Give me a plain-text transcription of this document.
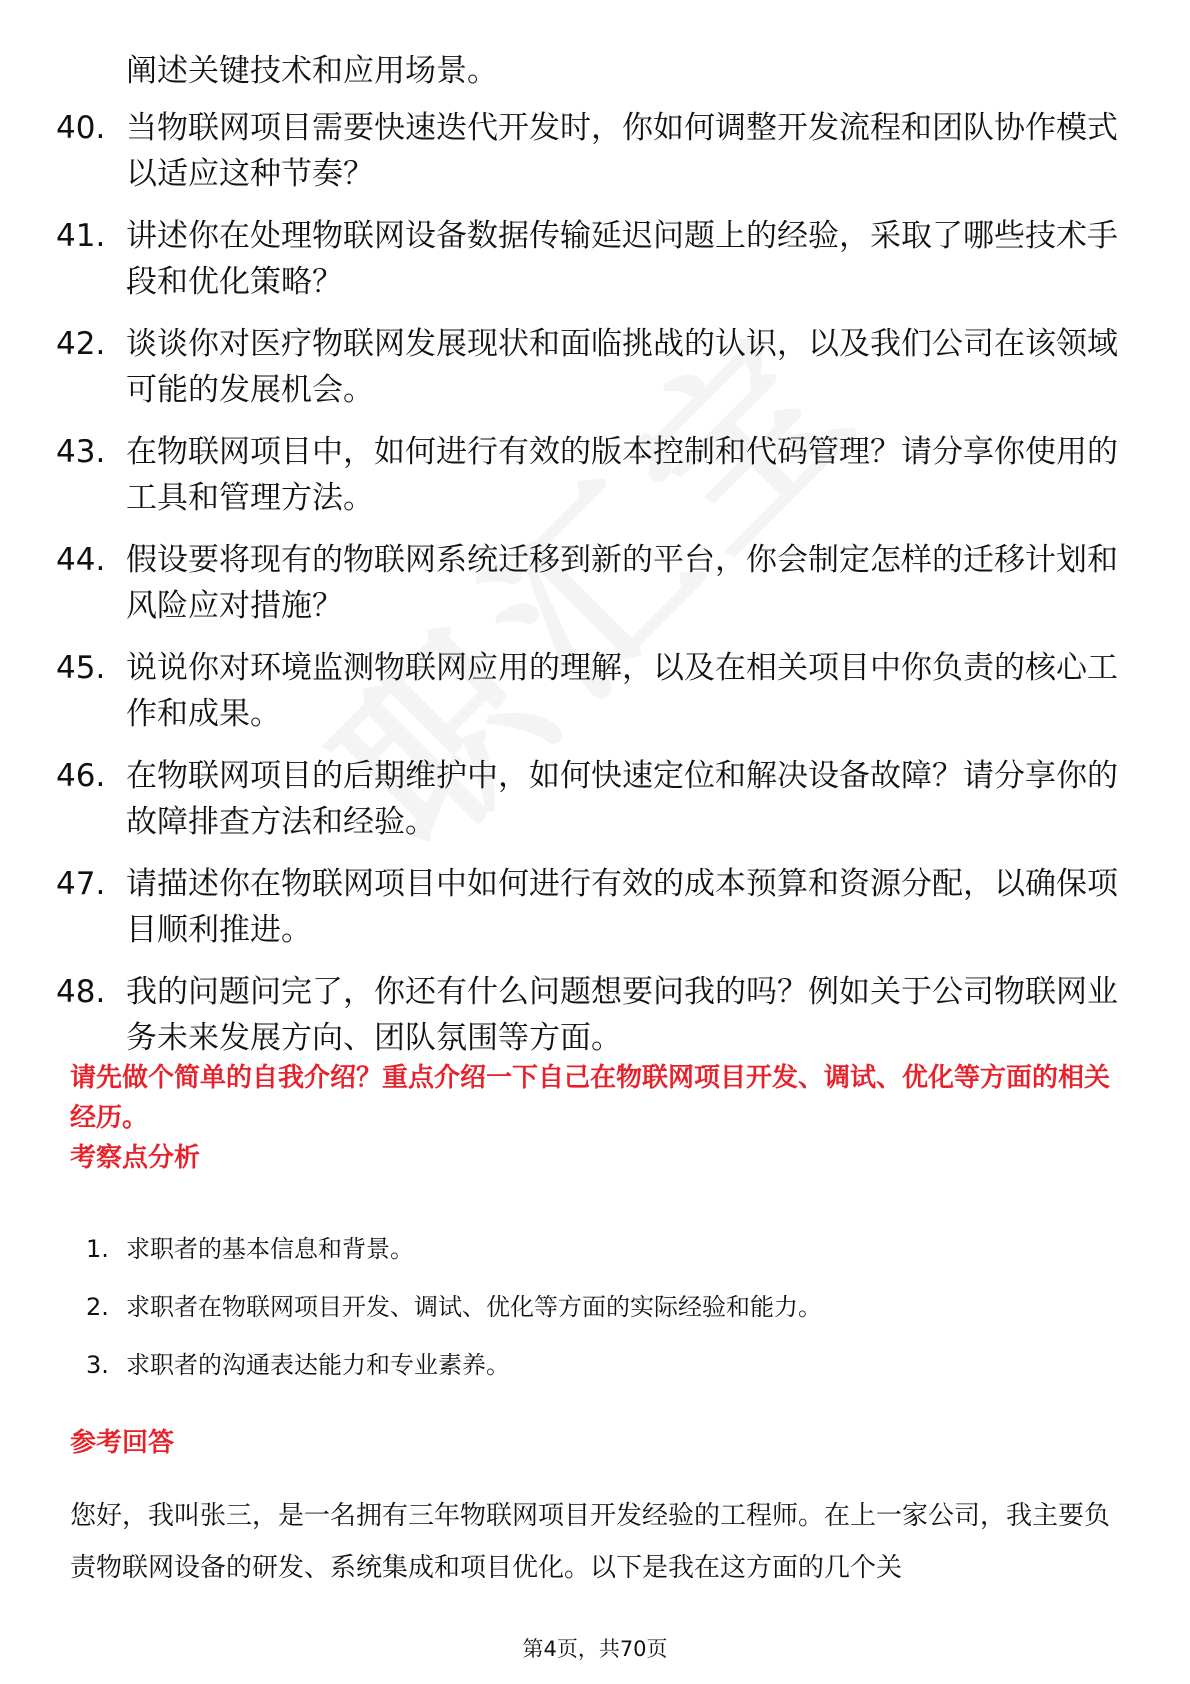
阐述关键技术和应用场景。

40. 当物联网项目需要快速迭代开发时，你如何调整开发流程和团队协作模式以适应这种节奏？
41. 讲述你在处理物联网设备数据传输延迟问题上的经验，采取了哪些技术手段和优化策略？
42. 谈谈你对医疗物联网发展现状和面临挑战的认识，以及我们公司在该领域可能的发展机会。
43. 在物联网项目中，如何进行有效的版本控制和代码管理？请分享你使用的工具和管理方法。
44. 假设要将现有的物联网系统迁移到新的平台，你会制定怎样的迁移计划和风险应对措施？
45. 说说你对环境监测物联网应用的理解，以及在相关项目中你负责的核心工作和成果。
46. 在物联网项目的后期维护中，如何快速定位和解决设备故障？请分享你的故障排查方法和经验。
47. 请描述你在物联网项目中如何进行有效的成本预算和资源分配，以确保项目顺利推进。
48. 我的问题问完了，你还有什么问题想要问我的吗？例如关于公司物联网业务未来发展方向、团队氛围等方面。

请先做个简单的自我介绍？重点介绍一下自己在物联网项目开发、调试、优化等方面的相关经历。

考察点分析
1. 求职者的基本信息和背景。
2. 求职者在物联网项目开发、调试、优化等方面的实际经验和能力。
3. 求职者的沟通表达能力和专业素养。
参考回答

您好，我叫张三，是一名拥有三年物联网项目开发经验的工程师。在上一家公司，我主要负责物联网设备的研发、系统集成和项目优化。以下是我在这方面的几个关

第4页，共70页
